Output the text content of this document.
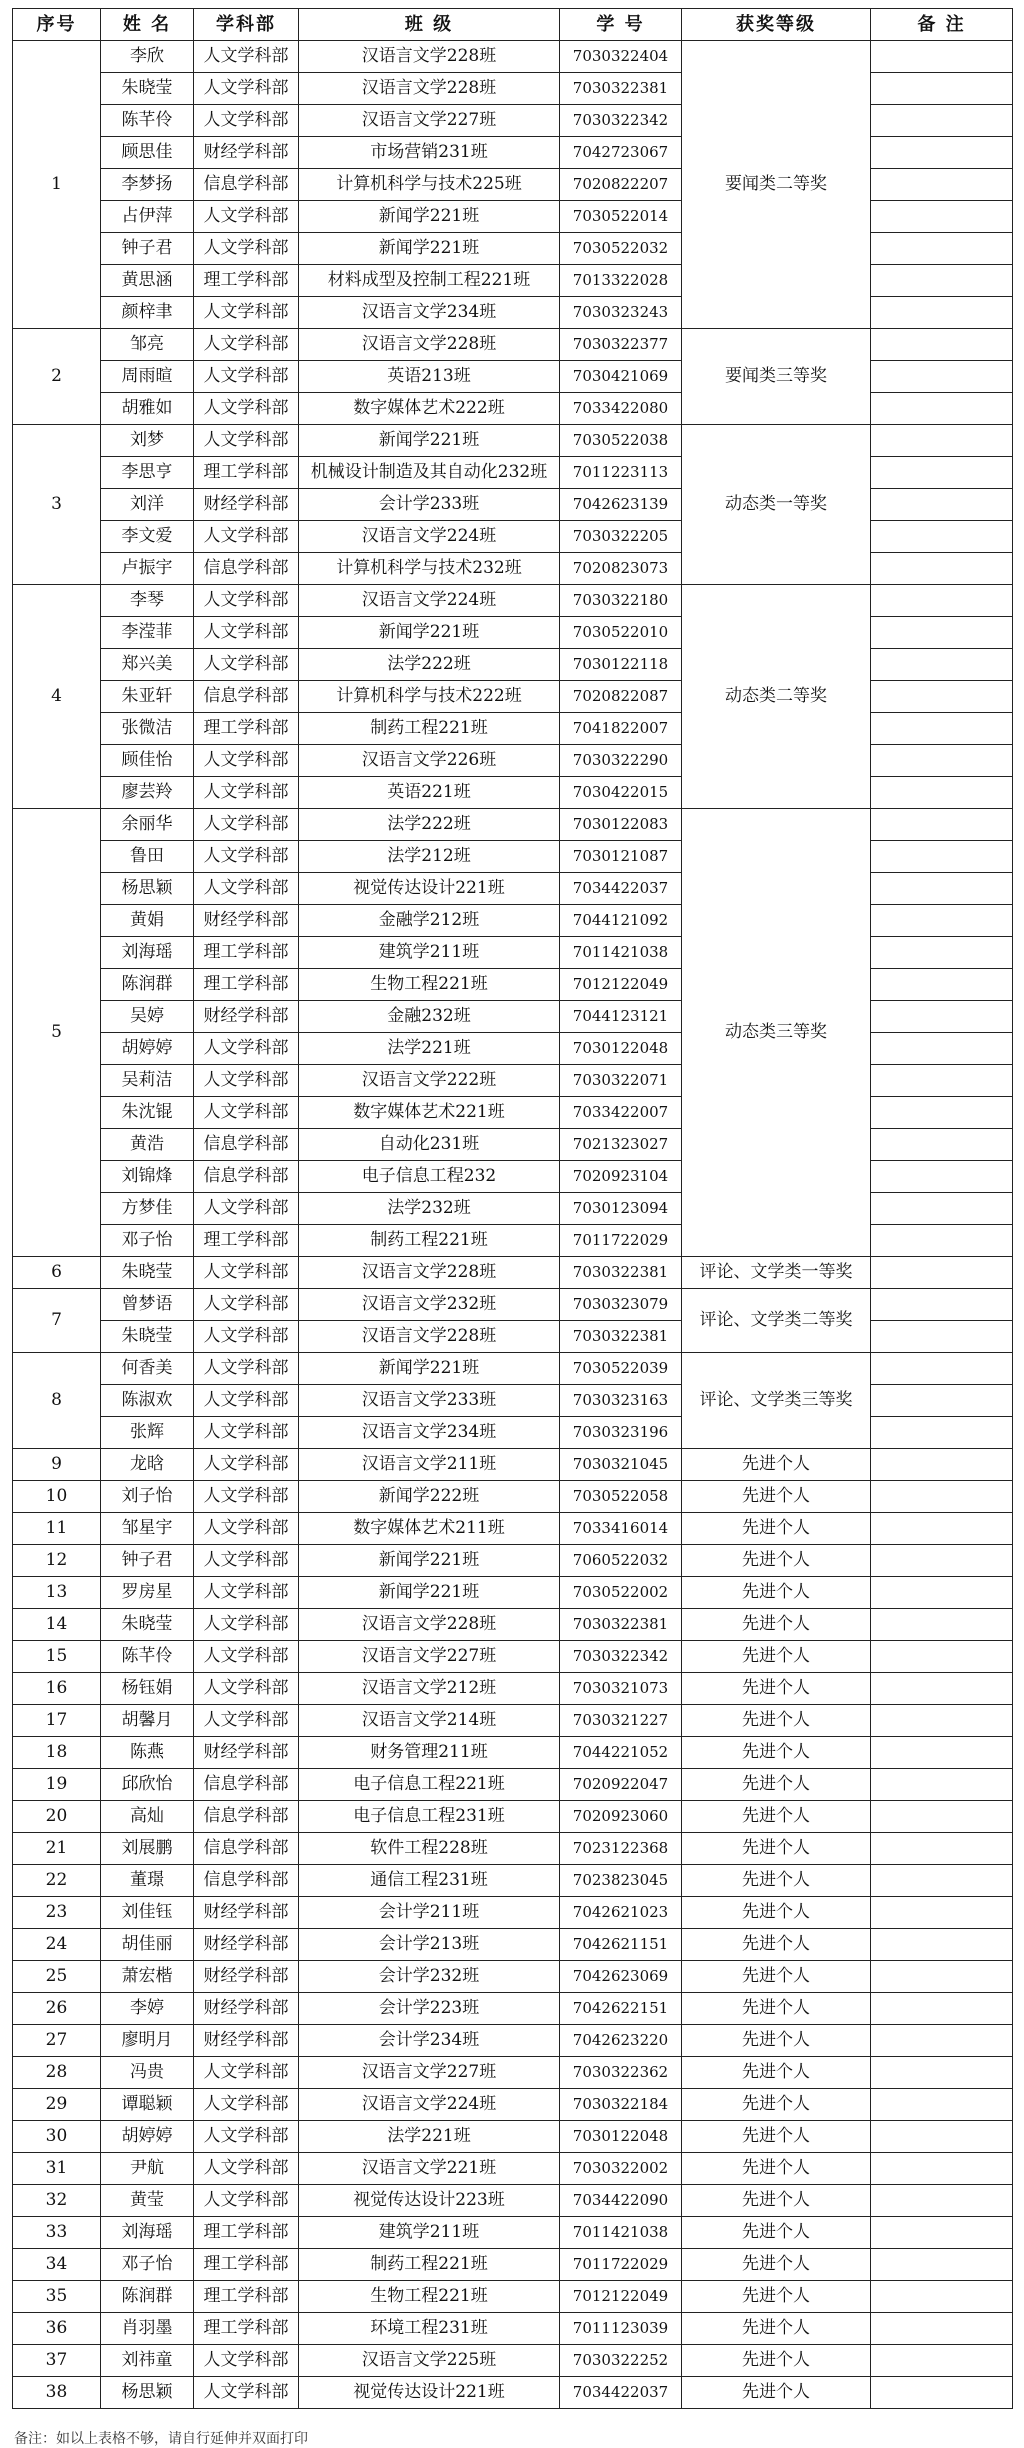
序号	姓 名	学科部	班 级	学 号	获奖等级	备 注
1	李欣	人文学科部	汉语言文学228班	7030322404	要闻类二等奖	
	朱晓莹	人文学科部	汉语言文学228班	7030322381		
	陈芊伶	人文学科部	汉语言文学227班	7030322342		
	顾思佳	财经学科部	市场营销231班	7042723067		
	李梦扬	信息学科部	计算机科学与技术225班	7020822207		
	占伊萍	人文学科部	新闻学221班	7030522014		
	钟子君	人文学科部	新闻学221班	7030522032		
	黄思涵	理工学科部	材料成型及控制工程221班	7013322028		
	颜梓聿	人文学科部	汉语言文学234班	7030323243		
2	邹亮	人文学科部	汉语言文学228班	7030322377	要闻类三等奖	
	周雨暄	人文学科部	英语213班	7030421069		
	胡雅如	人文学科部	数字媒体艺术222班	7033422080		
3	刘梦	人文学科部	新闻学221班	7030522038	动态类一等奖	
	李思亨	理工学科部	机械设计制造及其自动化232班	7011223113		
	刘洋	财经学科部	会计学233班	7042623139		
	李文爱	人文学科部	汉语言文学224班	7030322205		
	卢振宇	信息学科部	计算机科学与技术232班	7020823073		
4	李琴	人文学科部	汉语言文学224班	7030322180	动态类二等奖	
	李滢菲	人文学科部	新闻学221班	7030522010		
	郑兴美	人文学科部	法学222班	7030122118		
	朱亚轩	信息学科部	计算机科学与技术222班	7020822087		
	张微洁	理工学科部	制药工程221班	7041822007		
	顾佳怡	人文学科部	汉语言文学226班	7030322290		
	廖芸羚	人文学科部	英语221班	7030422015		
5	余丽华	人文学科部	法学222班	7030122083	动态类三等奖	
	鲁田	人文学科部	法学212班	7030121087		
	杨思颖	人文学科部	视觉传达设计221班	7034422037		
	黄娟	财经学科部	金融学212班	7044121092		
	刘海瑶	理工学科部	建筑学211班	7011421038		
	陈润群	理工学科部	生物工程221班	7012122049		
	吴婷	财经学科部	金融232班	7044123121		
	胡婷婷	人文学科部	法学221班	7030122048		
	吴莉洁	人文学科部	汉语言文学222班	7030322071		
	朱沈锟	人文学科部	数字媒体艺术221班	7033422007		
	黄浩	信息学科部	自动化231班	7021323027		
	刘锦烽	信息学科部	电子信息工程232	7020923104		
	方梦佳	人文学科部	法学232班	7030123094		
	邓子怡	理工学科部	制药工程221班	7011722029		
6	朱晓莹	人文学科部	汉语言文学228班	7030322381	评论、文学类一等奖	
7	曾梦语	人文学科部	汉语言文学232班	7030323079	评论、文学类二等奖	
	朱晓莹	人文学科部	汉语言文学228班	7030322381		
8	何香美	人文学科部	新闻学221班	7030522039	评论、文学类三等奖	
	陈淑欢	人文学科部	汉语言文学233班	7030323163		
	张辉	人文学科部	汉语言文学234班	7030323196		
9	龙晗	人文学科部	汉语言文学211班	7030321045	先进个人	
10	刘子怡	人文学科部	新闻学222班	7030522058	先进个人	
11	邹星宇	人文学科部	数字媒体艺术211班	7033416014	先进个人	
12	钟子君	人文学科部	新闻学221班	7060522032	先进个人	
13	罗房星	人文学科部	新闻学221班	7030522002	先进个人	
14	朱晓莹	人文学科部	汉语言文学228班	7030322381	先进个人	
15	陈芊伶	人文学科部	汉语言文学227班	7030322342	先进个人	
16	杨钰娟	人文学科部	汉语言文学212班	7030321073	先进个人	
17	胡馨月	人文学科部	汉语言文学214班	7030321227	先进个人	
18	陈燕	财经学科部	财务管理211班	7044221052	先进个人	
19	邱欣怡	信息学科部	电子信息工程221班	7020922047	先进个人	
20	高灿	信息学科部	电子信息工程231班	7020923060	先进个人	
21	刘展鹏	信息学科部	软件工程228班	7023122368	先进个人	
22	董璟	信息学科部	通信工程231班	7023823045	先进个人	
23	刘佳钰	财经学科部	会计学211班	7042621023	先进个人	
24	胡佳丽	财经学科部	会计学213班	7042621151	先进个人	
25	萧宏楷	财经学科部	会计学232班	7042623069	先进个人	
26	李婷	财经学科部	会计学223班	7042622151	先进个人	
27	廖明月	财经学科部	会计学234班	7042623220	先进个人	
28	冯贵	人文学科部	汉语言文学227班	7030322362	先进个人	
29	谭聪颖	人文学科部	汉语言文学224班	7030322184	先进个人	
30	胡婷婷	人文学科部	法学221班	7030122048	先进个人	
31	尹航	人文学科部	汉语言文学221班	7030322002	先进个人	
32	黄莹	人文学科部	视觉传达设计223班	7034422090	先进个人	
33	刘海瑶	理工学科部	建筑学211班	7011421038	先进个人	
34	邓子怡	理工学科部	制药工程221班	7011722029	先进个人	
35	陈润群	理工学科部	生物工程221班	7012122049	先进个人	
36	肖羽墨	理工学科部	环境工程231班	7011123039	先进个人	
37	刘祎童	人文学科部	汉语言文学225班	7030322252	先进个人	
38	杨思颖	人文学科部	视觉传达设计221班	7034422037	先进个人	
备注：如以上表格不够，请自行延伸并双面打印
